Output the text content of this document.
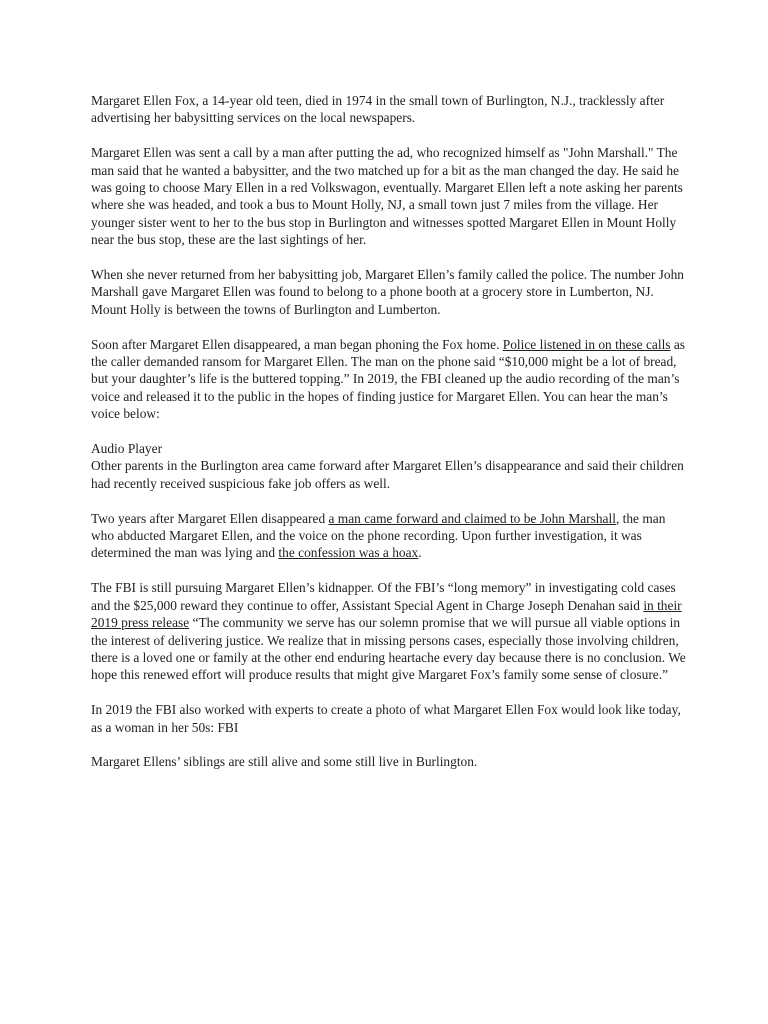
Margaret Ellen Fox, a 14-year old teen, died in 1974 in the small town of Burlington, N.J., tracklessly after advertising her babysitting services on the local newspapers.

Margaret Ellen was sent a call by a man after putting the ad, who recognized himself as "John Marshall." The man said that he wanted a babysitter, and the two matched up for a bit as the man changed the day. He said he was going to choose Mary Ellen in a red Volkswagon, eventually. Margaret Ellen left a note asking her parents where she was headed, and took a bus to Mount Holly, NJ, a small town just 7 miles from the village. Her younger sister went to her to the bus stop in Burlington and witnesses spotted Margaret Ellen in Mount Holly near the bus stop, these are the last sightings of her.

When she never returned from her babysitting job, Margaret Ellen’s family called the police. The number John Marshall gave Margaret Ellen was found to belong to a phone booth at a grocery store in Lumberton, NJ. Mount Holly is between the towns of Burlington and Lumberton.

Soon after Margaret Ellen disappeared, a man began phoning the Fox home. Police listened in on these calls as the caller demanded ransom for Margaret Ellen. The man on the phone said “$10,000 might be a lot of bread, but your daughter’s life is the buttered topping.” In 2019, the FBI cleaned up the audio recording of the man’s voice and released it to the public in the hopes of finding justice for Margaret Ellen. You can hear the man’s voice below:

Audio Player

Other parents in the Burlington area came forward after Margaret Ellen’s disappearance and said their children had recently received suspicious fake job offers as well.

Two years after Margaret Ellen disappeared a man came forward and claimed to be John Marshall, the man who abducted Margaret Ellen, and the voice on the phone recording. Upon further investigation, it was determined the man was lying and the confession was a hoax.

The FBI is still pursuing Margaret Ellen’s kidnapper. Of the FBI’s “long memory” in investigating cold cases and the $25,000 reward they continue to offer, Assistant Special Agent in Charge Joseph Denahan said in their 2019 press release “The community we serve has our solemn promise that we will pursue all viable options in the interest of delivering justice. We realize that in missing persons cases, especially those involving children, there is a loved one or family at the other end enduring heartache every day because there is no conclusion. We hope this renewed effort will produce results that might give Margaret Fox’s family some sense of closure.”

In 2019 the FBI also worked with experts to create a photo of what Margaret Ellen Fox would look like today, as a woman in her 50s: FBI

Margaret Ellens’ siblings are still alive and some still live in Burlington.
